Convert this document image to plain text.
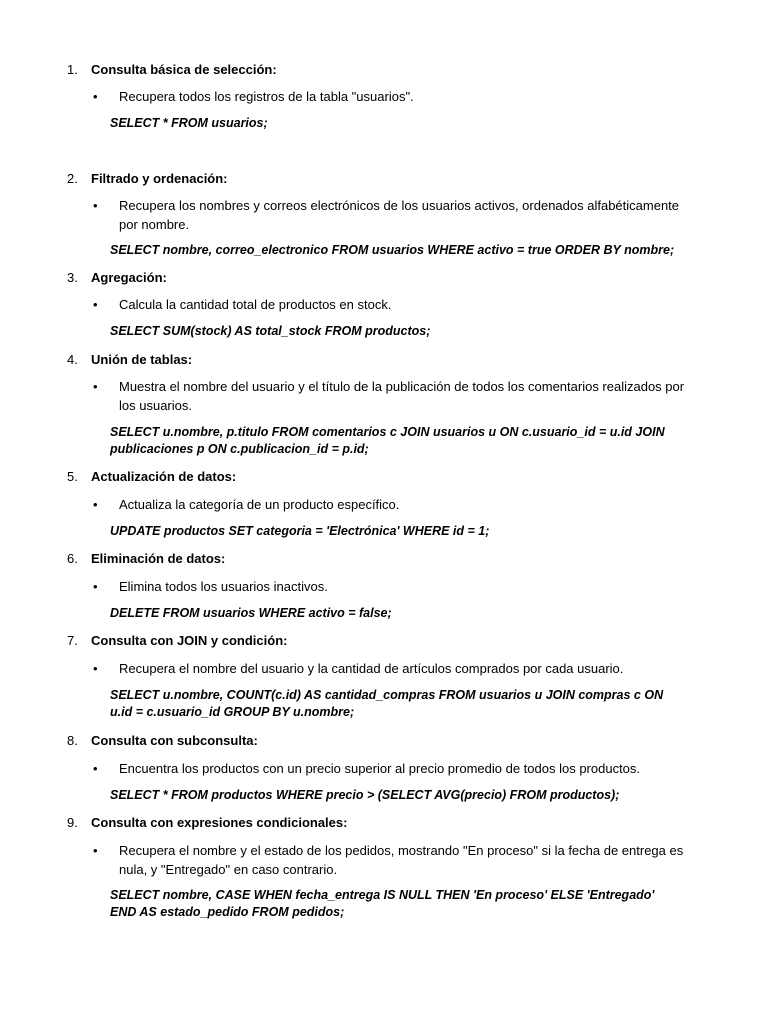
1. Consulta básica de selección:
• Recupera todos los registros de la tabla "usuarios".
SELECT * FROM usuarios;
2. Filtrado y ordenación:
• Recupera los nombres y correos electrónicos de los usuarios activos, ordenados alfabéticamente por nombre.
SELECT nombre, correo_electronico FROM usuarios WHERE activo = true ORDER BY nombre;
3. Agregación:
• Calcula la cantidad total de productos en stock.
SELECT SUM(stock) AS total_stock FROM productos;
4. Unión de tablas:
• Muestra el nombre del usuario y el título de la publicación de todos los comentarios realizados por los usuarios.
SELECT u.nombre, p.titulo FROM comentarios c JOIN usuarios u ON c.usuario_id = u.id JOIN publicaciones p ON c.publicacion_id = p.id;
5. Actualización de datos:
• Actualiza la categoría de un producto específico.
UPDATE productos SET categoria = 'Electrónica' WHERE id = 1;
6. Eliminación de datos:
• Elimina todos los usuarios inactivos.
DELETE FROM usuarios WHERE activo = false;
7. Consulta con JOIN y condición:
• Recupera el nombre del usuario y la cantidad de artículos comprados por cada usuario.
SELECT u.nombre, COUNT(c.id) AS cantidad_compras FROM usuarios u JOIN compras c ON u.id = c.usuario_id GROUP BY u.nombre;
8. Consulta con subconsulta:
• Encuentra los productos con un precio superior al precio promedio de todos los productos.
SELECT * FROM productos WHERE precio > (SELECT AVG(precio) FROM productos);
9. Consulta con expresiones condicionales:
• Recupera el nombre y el estado de los pedidos, mostrando "En proceso" si la fecha de entrega es nula, y "Entregado" en caso contrario.
SELECT nombre, CASE WHEN fecha_entrega IS NULL THEN 'En proceso' ELSE 'Entregado' END AS estado_pedido FROM pedidos;
